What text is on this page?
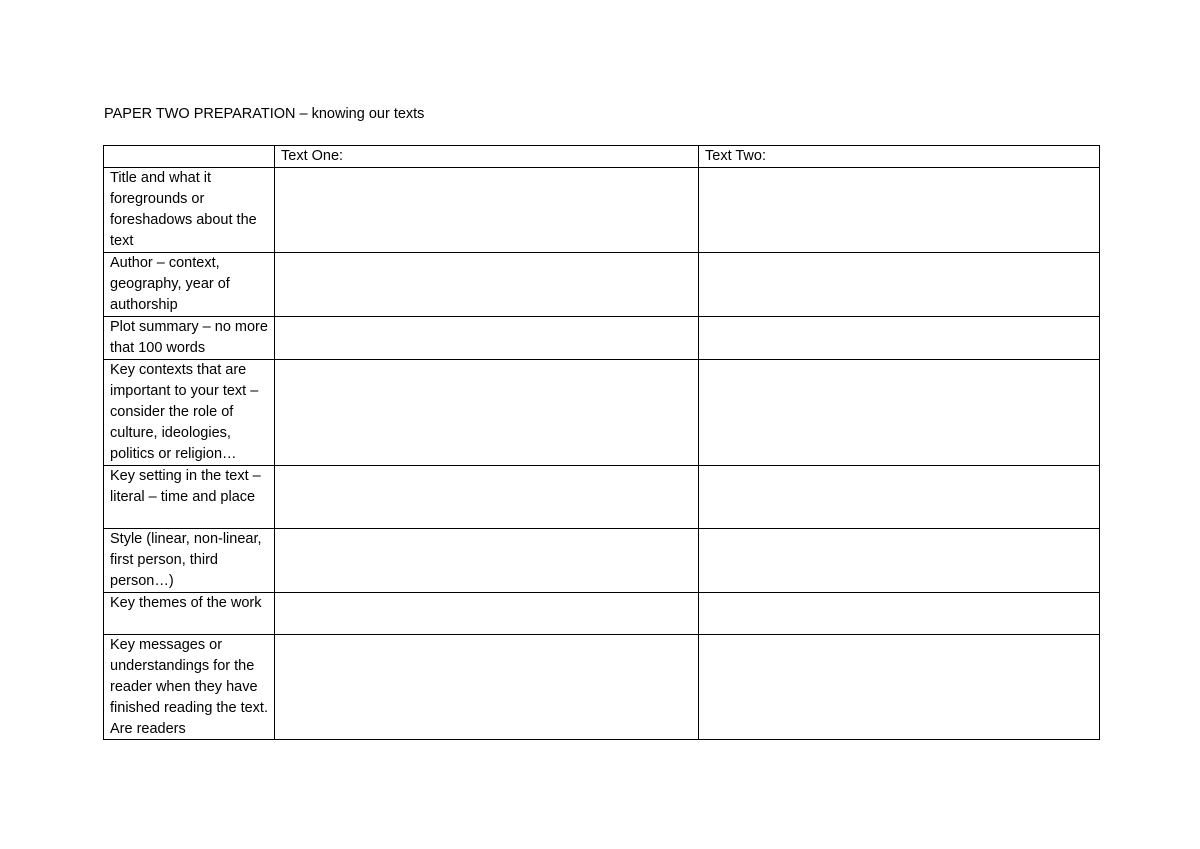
PAPER TWO PREPARATION – knowing our texts

	Text One:	Text Two:

Title and what it foregrounds or foreshadows about the text		

Author – context, geography, year of authorship		

Plot summary – no more that 100 words		

Key contexts that are important to your text – consider the role of culture, ideologies, politics or religion…		

Key setting in the text – literal – time and place		

Style (linear, non-linear, first person, third person…)		

Key themes of the work		

Key messages or understandings for the reader when they have finished reading the text. Are readers		
